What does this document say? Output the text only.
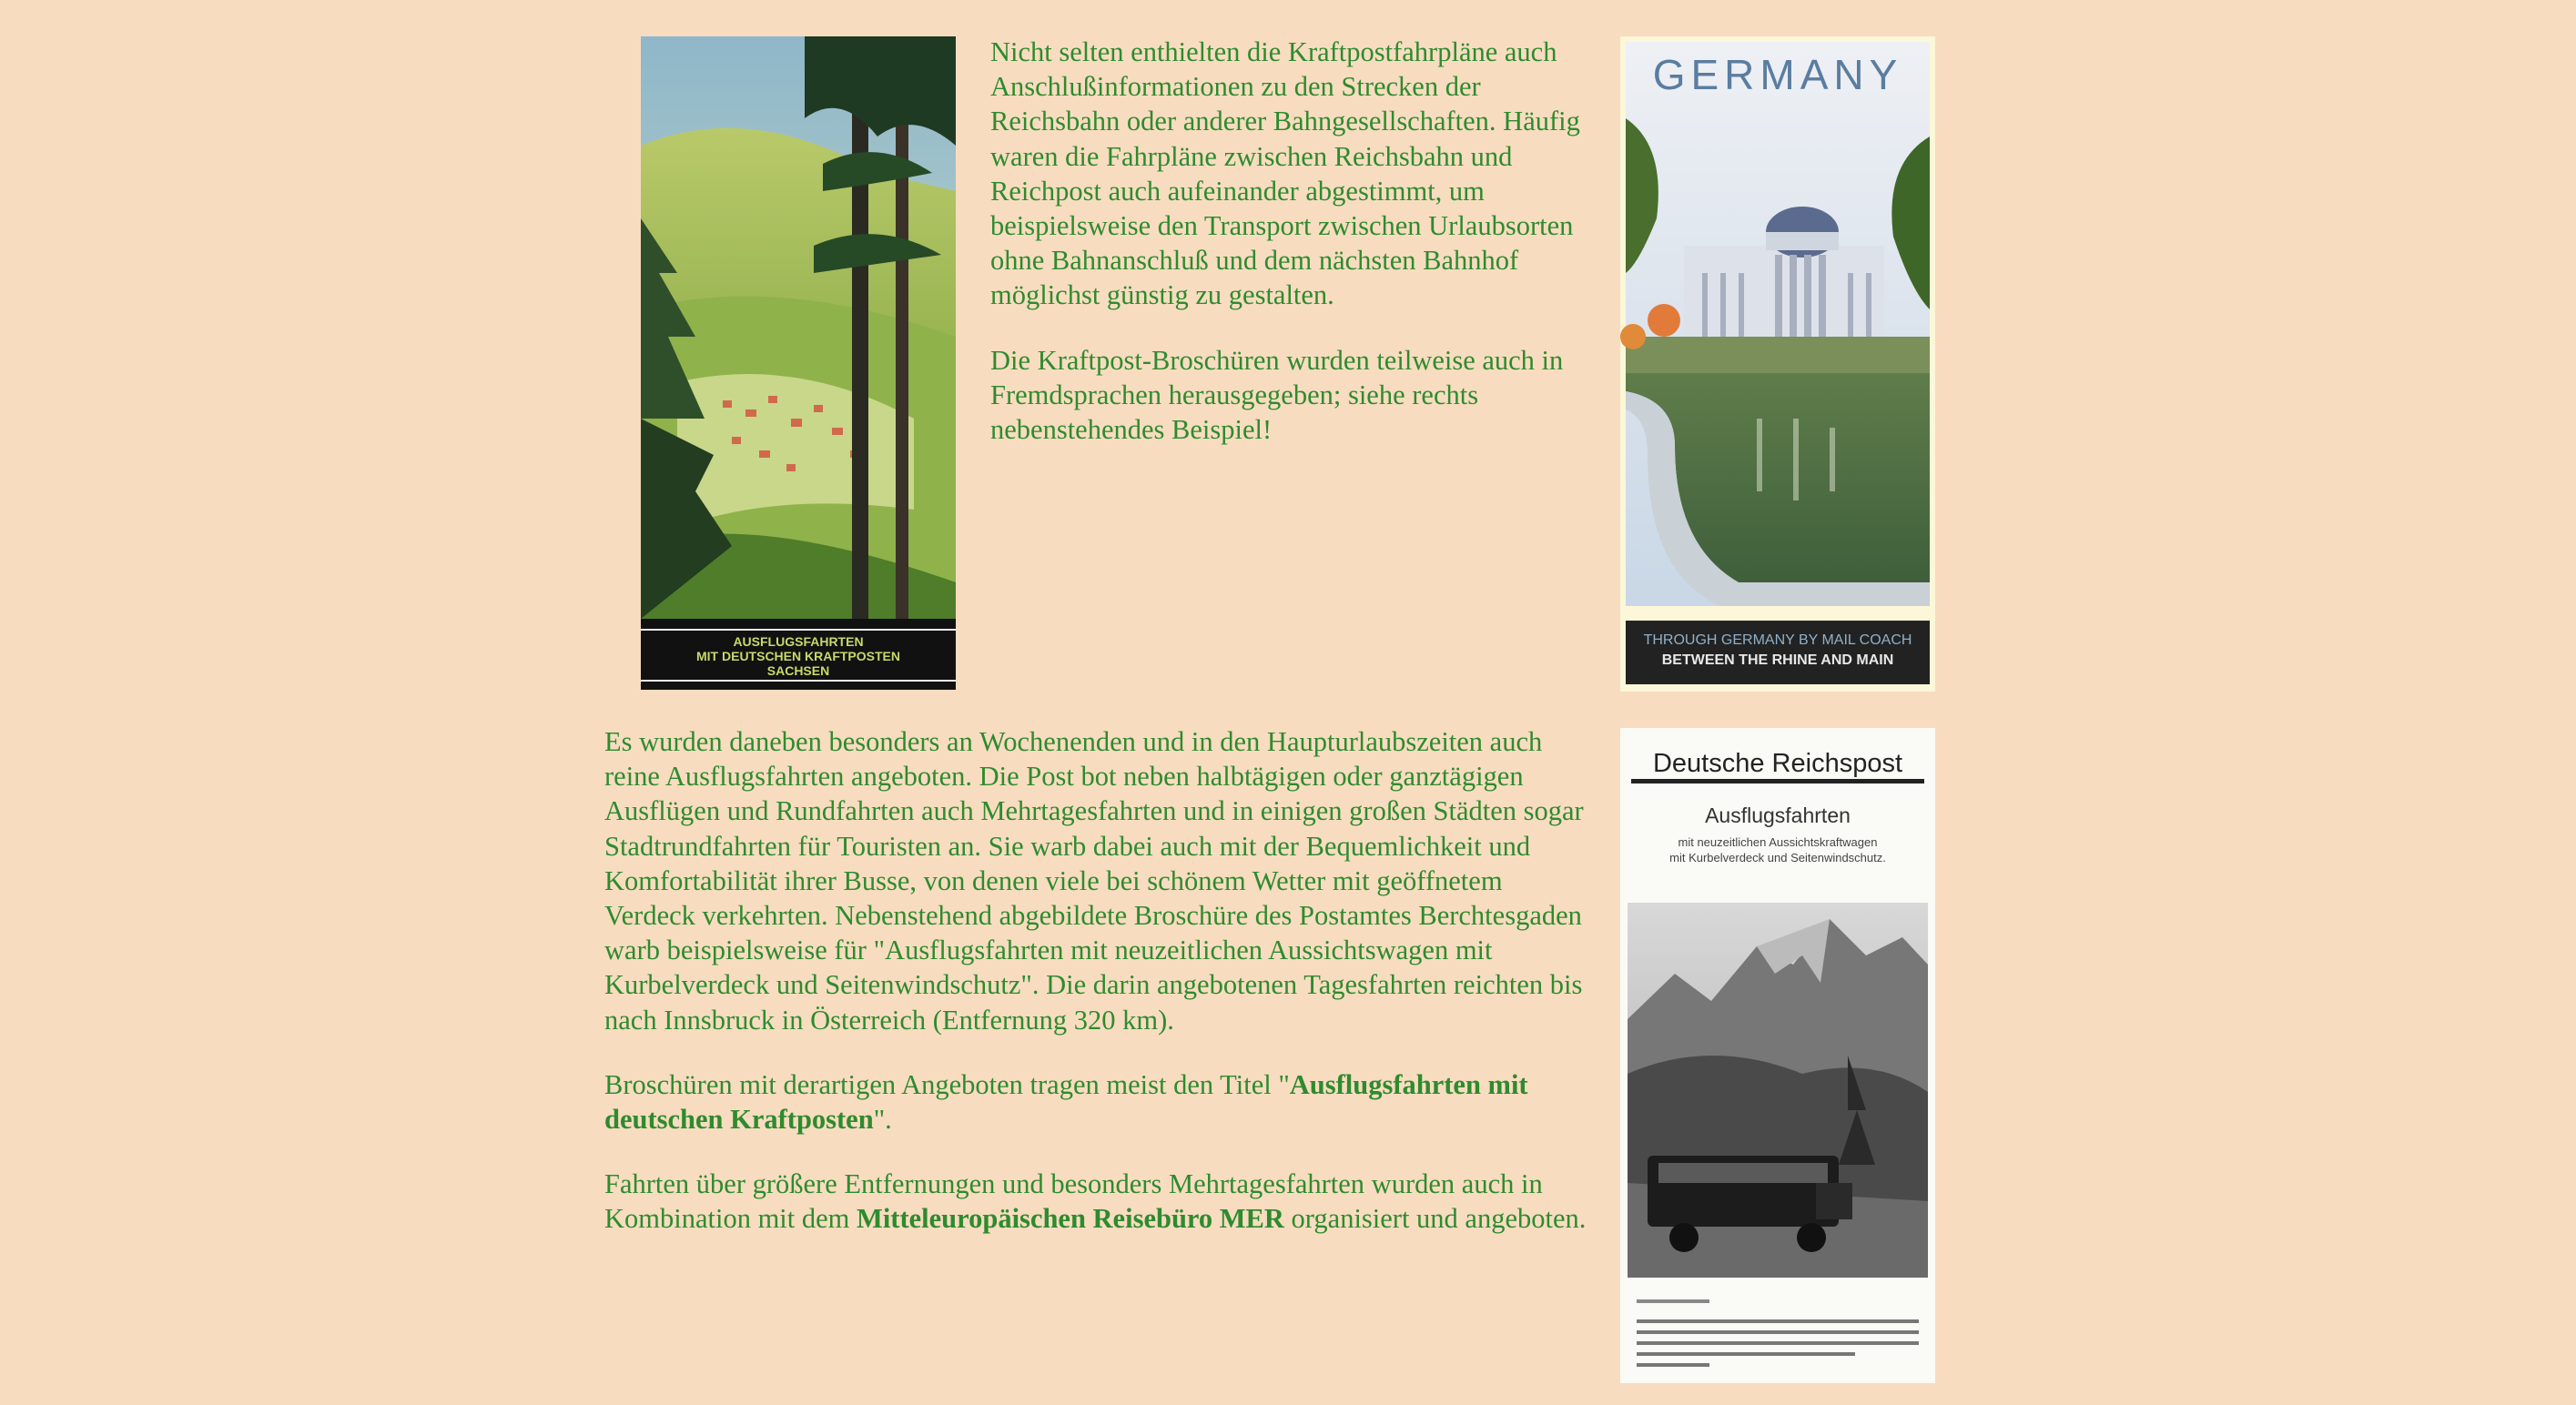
AUSFLUGSFAHRTEN
MIT DEUTSCHEN KRAFTPOSTEN
SACHSEN

Nicht selten enthielten die Kraftpostfahrpläne auch Anschlußinformationen zu den Strecken der Reichsbahn oder anderer Bahngesellschaften. Häufig waren die Fahrpläne zwischen Reichsbahn und Reichpost auch aufeinander abgestimmt, um beispielsweise den Transport zwischen Urlaubsorten ohne Bahnanschluß und dem nächsten Bahnhof möglichst günstig zu gestalten.

Die Kraftpost-Broschüren wurden teilweise auch in Fremdsprachen herausgegeben; siehe rechts nebenstehendes Beispiel!

GERMANY
THROUGH GERMANY BY MAIL COACH
BETWEEN THE RHINE AND MAIN

Es wurden daneben besonders an Wochenenden und in den Haupturlaubszeiten auch reine Ausflugsfahrten angeboten. Die Post bot neben halbtägigen oder ganztägigen Ausflügen und Rundfahrten auch Mehrtagesfahrten und in einigen großen Städten sogar Stadtrundfahrten für Touristen an. Sie warb dabei auch mit der Bequemlichkeit und Komfortabilität ihrer Busse, von denen viele bei schönem Wetter mit geöffnetem Verdeck verkehrten. Nebenstehend abgebildete Broschüre des Postamtes Berchtesgaden warb beispielsweise für "Ausflugsfahrten mit neuzeitlichen Aussichtswagen mit Kurbelverdeck und Seitenwindschutz". Die darin angebotenen Tagesfahrten reichten bis nach Innsbruck in Österreich (Entfernung 320 km).

Broschüren mit derartigen Angeboten tragen meist den Titel "Ausflugsfahrten mit deutschen Kraftposten".

Fahrten über größere Entfernungen und besonders Mehrtagesfahrten wurden auch in Kombination mit dem Mitteleuropäischen Reisebüro MER organisiert und angeboten.

Deutsche Reichspost
Ausflugsfahrten
mit neuzeitlichen Aussichtskraftwagen
mit Kurbelverdeck und Seitenwindschutz.
